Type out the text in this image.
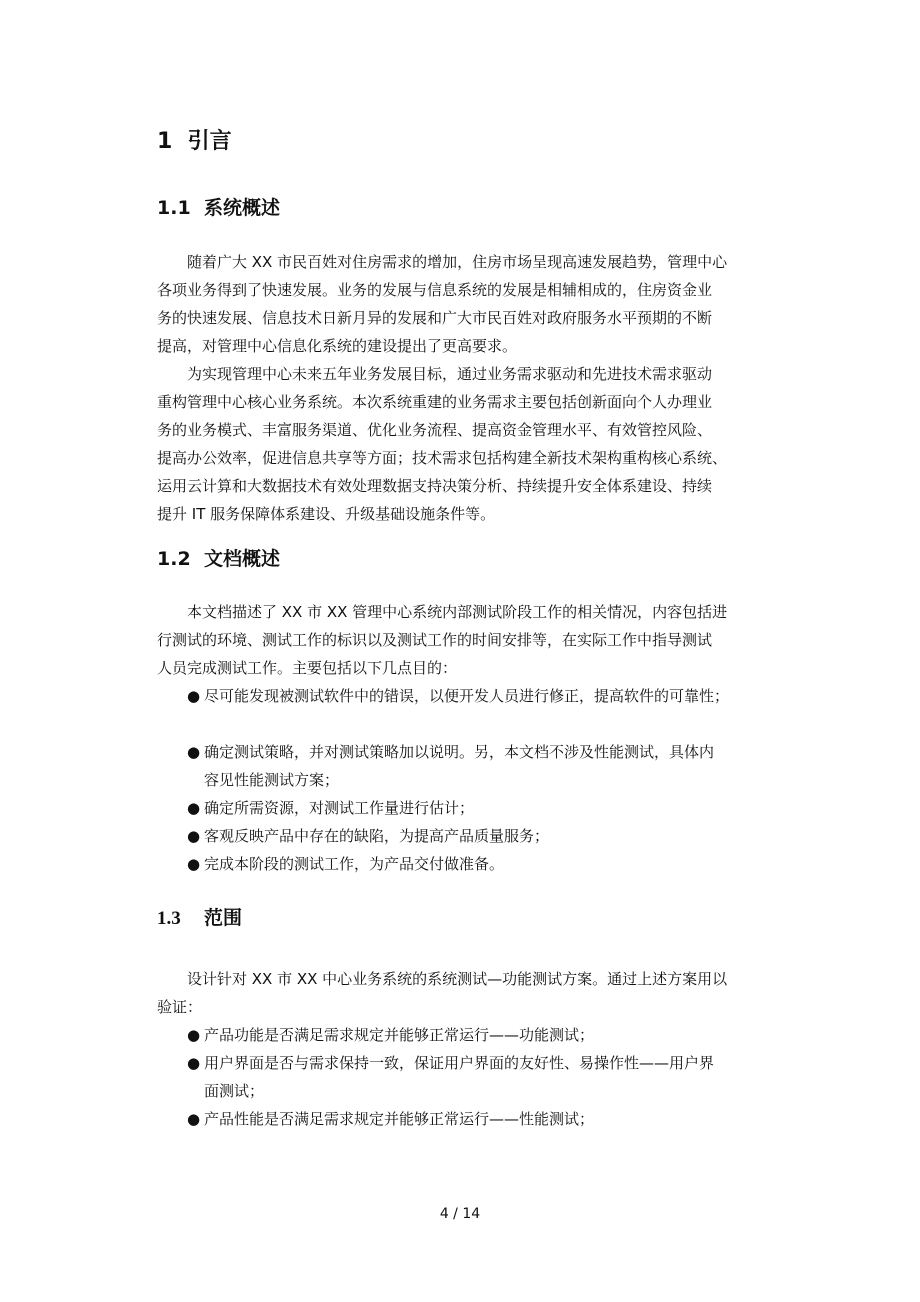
1 引言
1.1 系统概述
　　随着广大 XX 市民百姓对住房需求的增加，住房市场呈现高速发展趋势，管理中心
各项业务得到了快速发展。业务的发展与信息系统的发展是相辅相成的，住房资金业
务的快速发展、信息技术日新月异的发展和广大市民百姓对政府服务水平预期的不断
提高，对管理中心信息化系统的建设提出了更高要求。
　　为实现管理中心未来五年业务发展目标，通过业务需求驱动和先进技术需求驱动
重构管理中心核心业务系统。本次系统重建的业务需求主要包括创新面向个人办理业
务的业务模式、丰富服务渠道、优化业务流程、提高资金管理水平、有效管控风险、
提高办公效率，促进信息共享等方面；技术需求包括构建全新技术架构重构核心系统、
运用云计算和大数据技术有效处理数据支持决策分析、持续提升安全体系建设、持续
提升 IT 服务保障体系建设、升级基础设施条件等。
1.2 文档概述
　　本文档描述了 XX 市 XX 管理中心系统内部测试阶段工作的相关情况，内容包括进
行测试的环境、测试工作的标识以及测试工作的时间安排等，在实际工作中指导测试
人员完成测试工作。主要包括以下几点目的：
● 尽可能发现被测试软件中的错误，以便开发人员进行修正，提高软件的可靠性；
● 确定测试策略，并对测试策略加以说明。另，本文档不涉及性能测试，具体内
容见性能测试方案；
● 确定所需资源，对测试工作量进行估计；
● 客观反映产品中存在的缺陷，为提高产品质量服务；
● 完成本阶段的测试工作，为产品交付做准备。
1.3 范围
　　设计针对 XX 市 XX 中心业务系统的系统测试—功能测试方案。通过上述方案用以
验证：
● 产品功能是否满足需求规定并能够正常运行——功能测试；
● 用户界面是否与需求保持一致，保证用户界面的友好性、易操作性——用户界
面测试；
● 产品性能是否满足需求规定并能够正常运行——性能测试；
4 / 14
